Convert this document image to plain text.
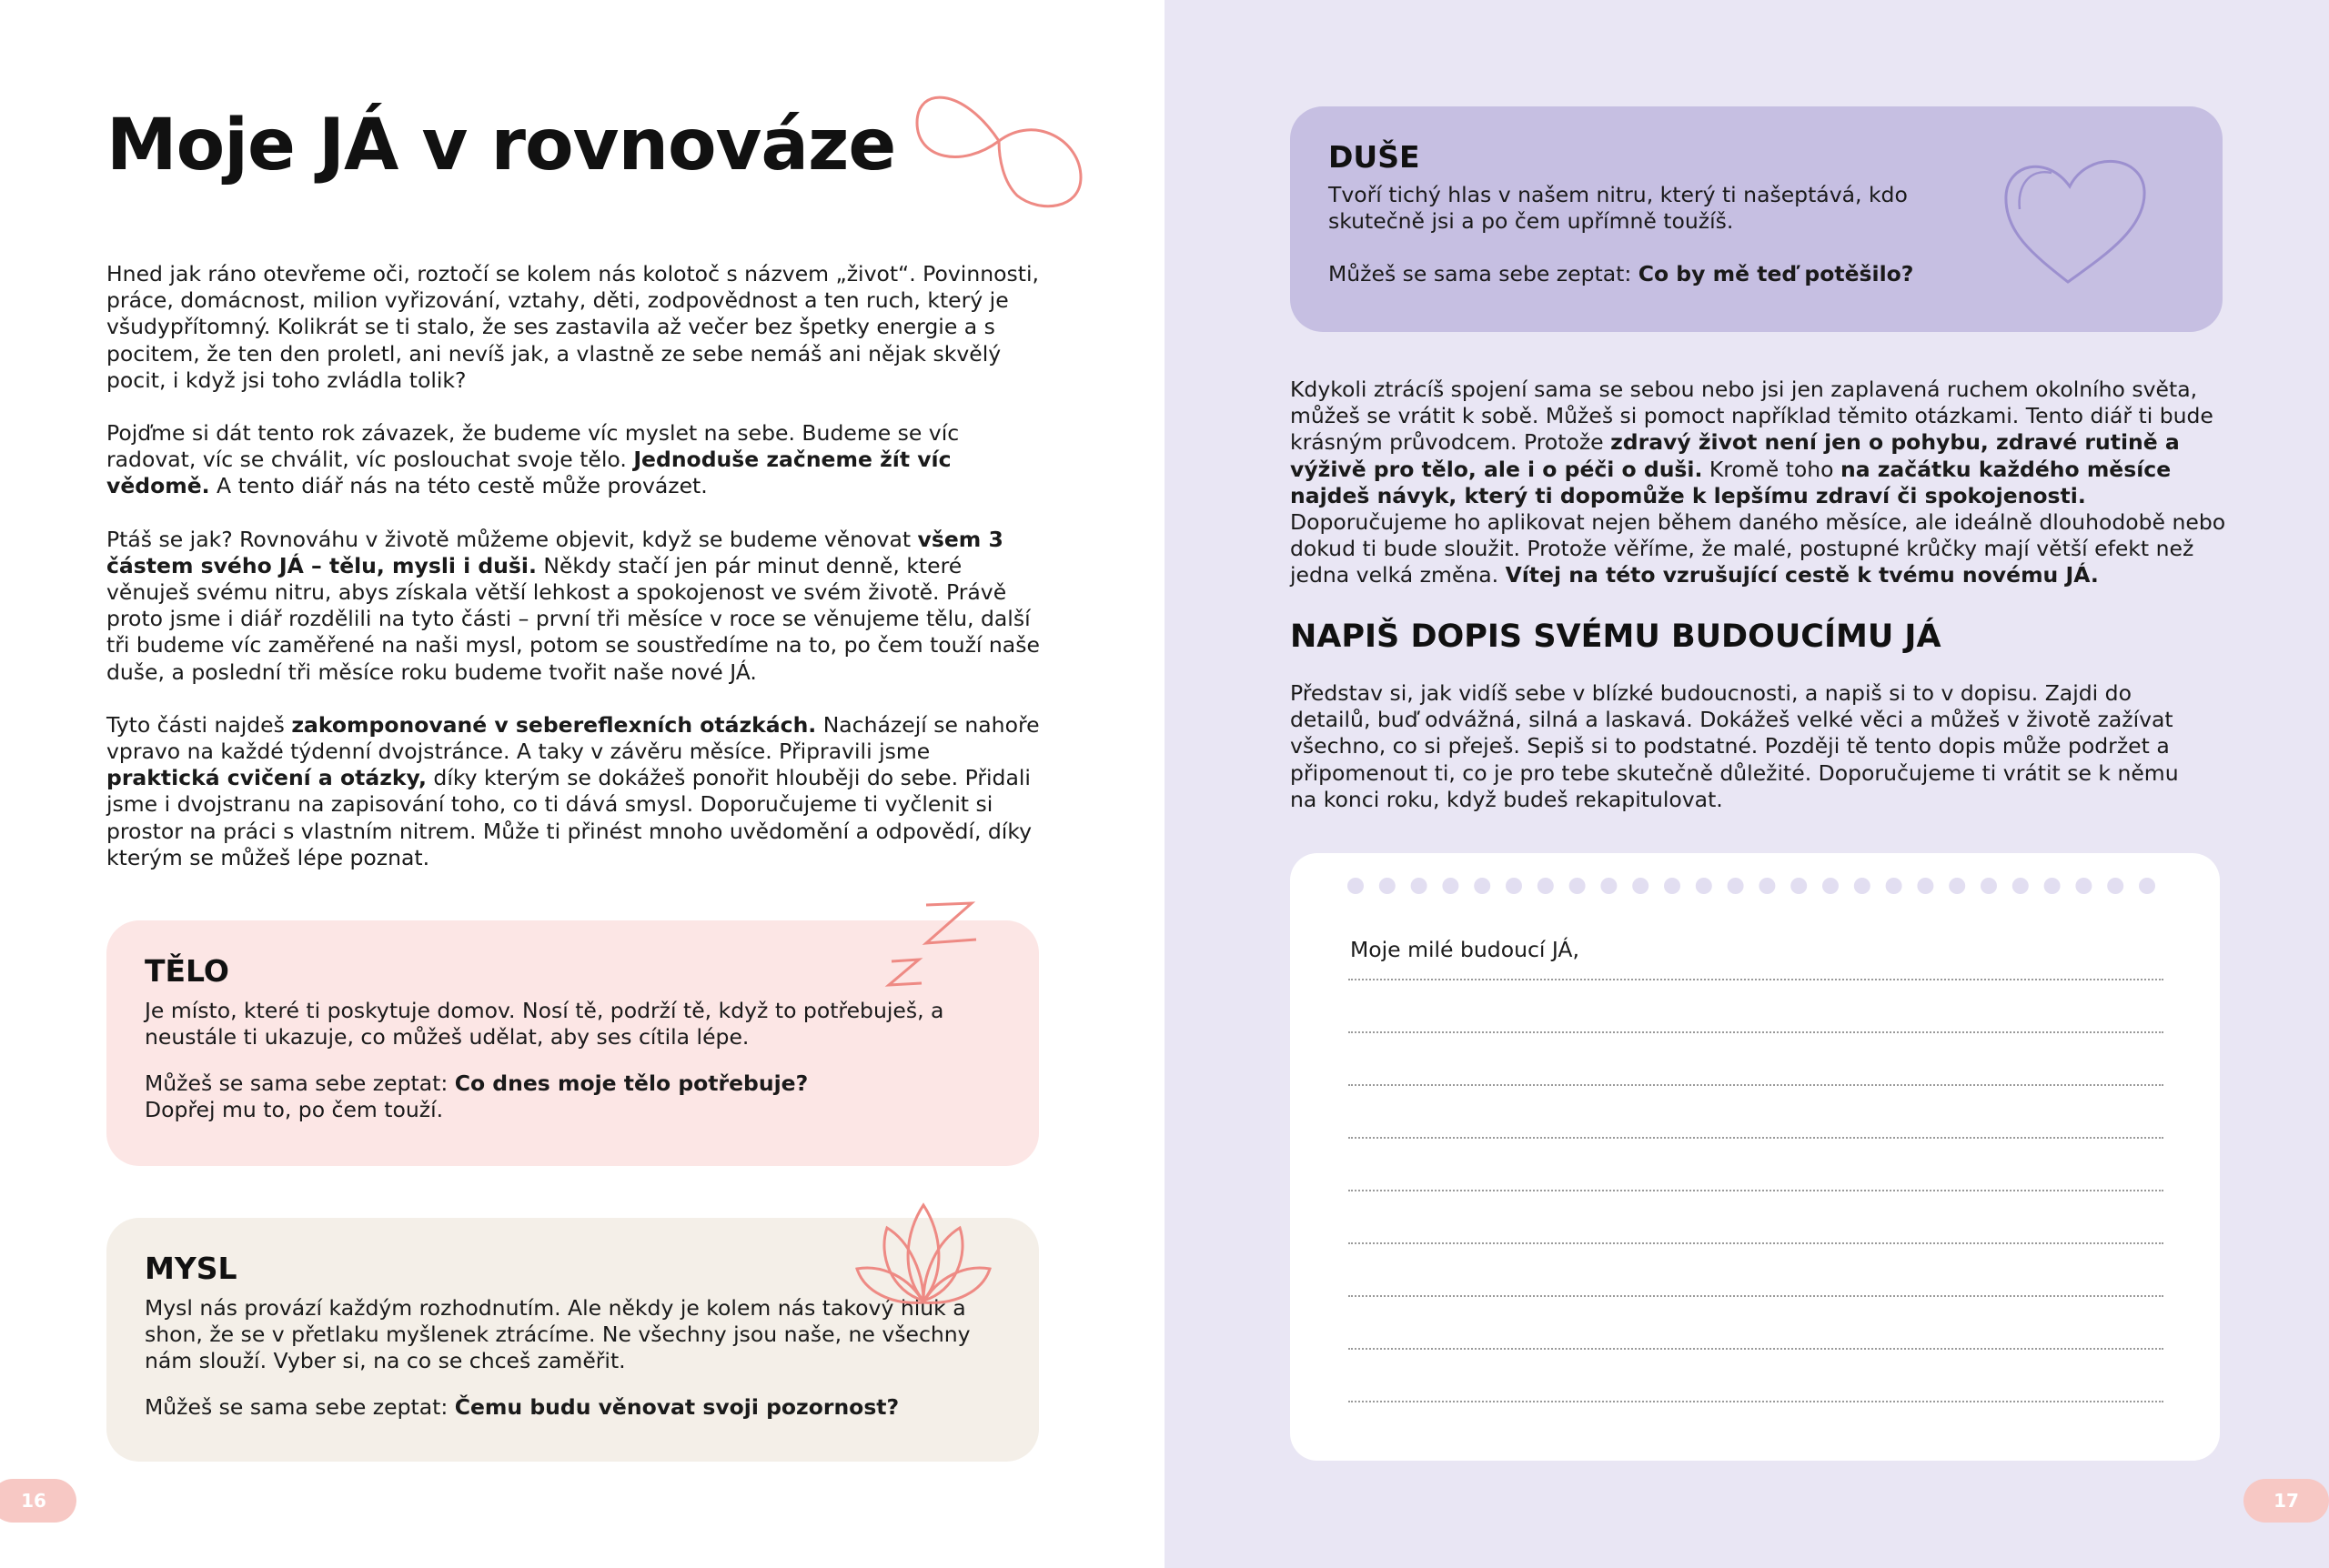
Moje JÁ v rovnováze

Hned jak ráno otevřeme oči, roztočí se kolem nás kolotoč s názvem „život“. Povinnosti, práce, domácnost, milion vyřizování, vztahy, děti, zodpovědnost a ten ruch, který je všudypřítomný. Kolikrát se ti stalo, že ses zastavila až večer bez špetky energie a s pocitem, že ten den proletl, ani nevíš jak, a vlastně ze sebe nemáš ani nějak skvělý pocit, i když jsi toho zvládla tolik?

Pojďme si dát tento rok závazek, že budeme víc myslet na sebe. Budeme se víc radovat, víc se chválit, víc poslouchat svoje tělo. Jednoduše začneme žít víc vědomě. A tento diář nás na této cestě může provázet.

Ptáš se jak? Rovnováhu v životě můžeme objevit, když se budeme věnovat všem 3 částem svého JÁ – tělu, mysli i duši. Někdy stačí jen pár minut denně, které věnuješ svému nitru, abys získala větší lehkost a spokojenost ve svém životě. Právě proto jsme i diář rozdělili na tyto části – první tři měsíce v roce se věnujeme tělu, další tři budeme víc zaměřené na naši mysl, potom se soustředíme na to, po čem touží naše duše, a poslední tři měsíce roku budeme tvořit naše nové JÁ.

Tyto části najdeš zakomponované v sebereflexních otázkách. Nacházejí se nahoře vpravo na každé týdenní dvojstránce. A taky v závěru měsíce. Připravili jsme praktická cvičení a otázky, díky kterým se dokážeš ponořit hlouběji do sebe. Přidali jsme i dvojstranu na zapisování toho, co ti dává smysl. Doporučujeme ti vyčlenit si prostor na práci s vlastním nitrem. Může ti přinést mnoho uvědomění a odpovědí, díky kterým se můžeš lépe poznat.

TĚLO

Je místo, které ti poskytuje domov. Nosí tě, podrží tě, když to potřebuješ, a neustále ti ukazuje, co můžeš udělat, aby ses cítila lépe.

Můžeš se sama sebe zeptat: Co dnes moje tělo potřebuje?
Dopřej mu to, po čem touží.

MYSL

Mysl nás provází každým rozhodnutím. Ale někdy je kolem nás takový hluk a shon, že se v přetlaku myšlenek ztrácíme. Ne všechny jsou naše, ne všechny nám slouží. Vyber si, na co se chceš zaměřit.

Můžeš se sama sebe zeptat: Čemu budu věnovat svoji pozornost?

16
DUŠE

Tvoří tichý hlas v našem nitru, který ti našeptává, kdo skutečně jsi a po čem upřímně toužíš.

Můžeš se sama sebe zeptat: Co by mě teď potěšilo?

Kdykoli ztrácíš spojení sama se sebou nebo jsi jen zaplavená ruchem okolního světa, můžeš se vrátit k sobě. Můžeš si pomoct například těmito otázkami. Tento diář ti bude krásným průvodcem. Protože zdravý život není jen o pohybu, zdravé rutině a výživě pro tělo, ale i o péči o duši. Kromě toho na začátku každého měsíce najdeš návyk, který ti dopomůže k lepšímu zdraví či spokojenosti. Doporučujeme ho aplikovat nejen během daného měsíce, ale ideálně dlouhodobě nebo dokud ti bude sloužit. Protože věříme, že malé, postupné krůčky mají větší efekt než jedna velká změna. Vítej na této vzrušující cestě k tvému novému JÁ.

NAPIŠ DOPIS SVÉMU BUDOUCÍMU JÁ

Představ si, jak vidíš sebe v blízké budoucnosti, a napiš si to v dopisu. Zajdi do detailů, buď odvážná, silná a laskavá. Dokážeš velké věci a můžeš v životě zažívat všechno, co si přeješ. Sepiš si to podstatné. Později tě tento dopis může podržet a připomenout ti, co je pro tebe skutečně důležité. Doporučujeme ti vrátit se k němu na konci roku, když budeš rekapitulovat.

Moje milé budoucí JÁ,

17
